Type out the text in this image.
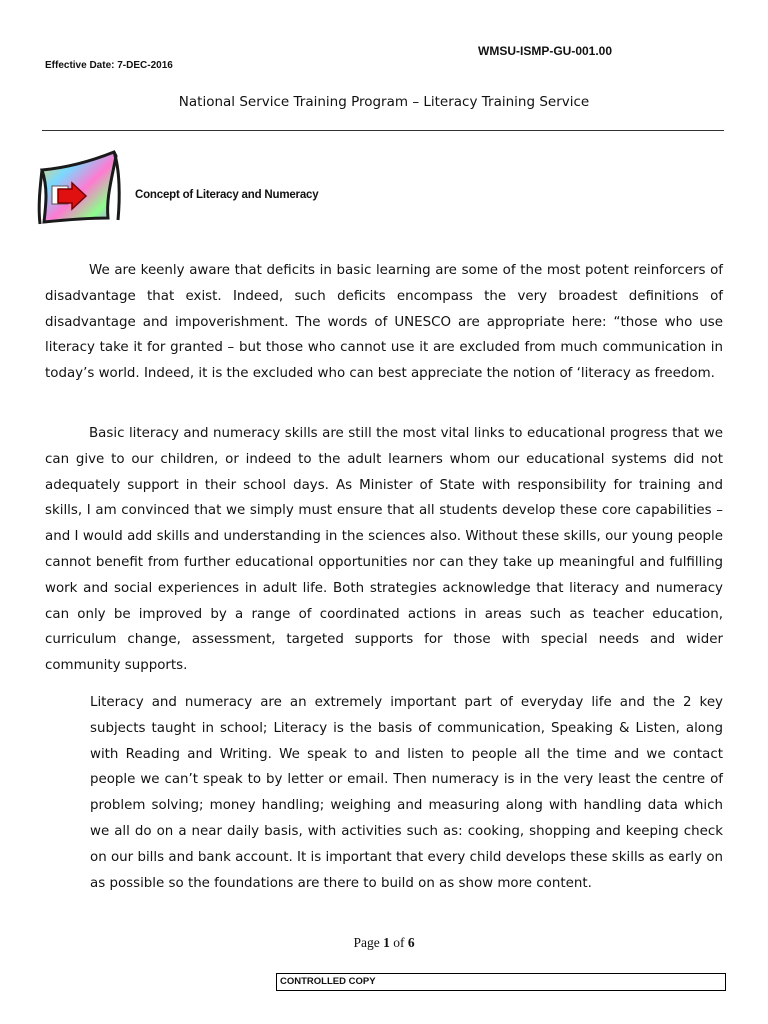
WMSU-ISMP-GU-001.00
Effective Date: 7-DEC-2016
National Service Training Program – Literacy Training Service
Concept of Literacy and Numeracy

We are keenly aware that deficits in basic learning are some of the most potent reinforcers of disadvantage that exist. Indeed, such deficits encompass the very broadest definitions of disadvantage and impoverishment. The words of UNESCO are appropriate here: “those who use literacy take it for granted – but those who cannot use it are excluded from much communication in today’s world. Indeed, it is the excluded who can best appreciate the notion of ‘literacy as freedom.

Basic literacy and numeracy skills are still the most vital links to educational progress that we can give to our children, or indeed to the adult learners whom our educational systems did not adequately support in their school days. As Minister of State with responsibility for training and skills, I am convinced that we simply must ensure that all students develop these core capabilities – and I would add skills and understanding in the sciences also. Without these skills, our young people cannot benefit from further educational opportunities nor can they take up meaningful and fulfilling work and social experiences in adult life. Both strategies acknowledge that literacy and numeracy can only be improved by a range of coordinated actions in areas such as teacher education, curriculum change, assessment, targeted supports for those with special needs and wider community supports.

Literacy and numeracy are an extremely important part of everyday life and the 2 key subjects taught in school; Literacy is the basis of communication, Speaking & Listen, along with Reading and Writing. We speak to and listen to people all the time and we contact people we can’t speak to by letter or email. Then numeracy is in the very least the centre of problem solving; money handling; weighing and measuring along with handling data which we all do on a near daily basis, with activities such as: cooking, shopping and keeping check on our bills and bank account. It is important that every child develops these skills as early on as possible so the foundations are there to build on as show more content.

Page 1 of 6
CONTROLLED COPY
